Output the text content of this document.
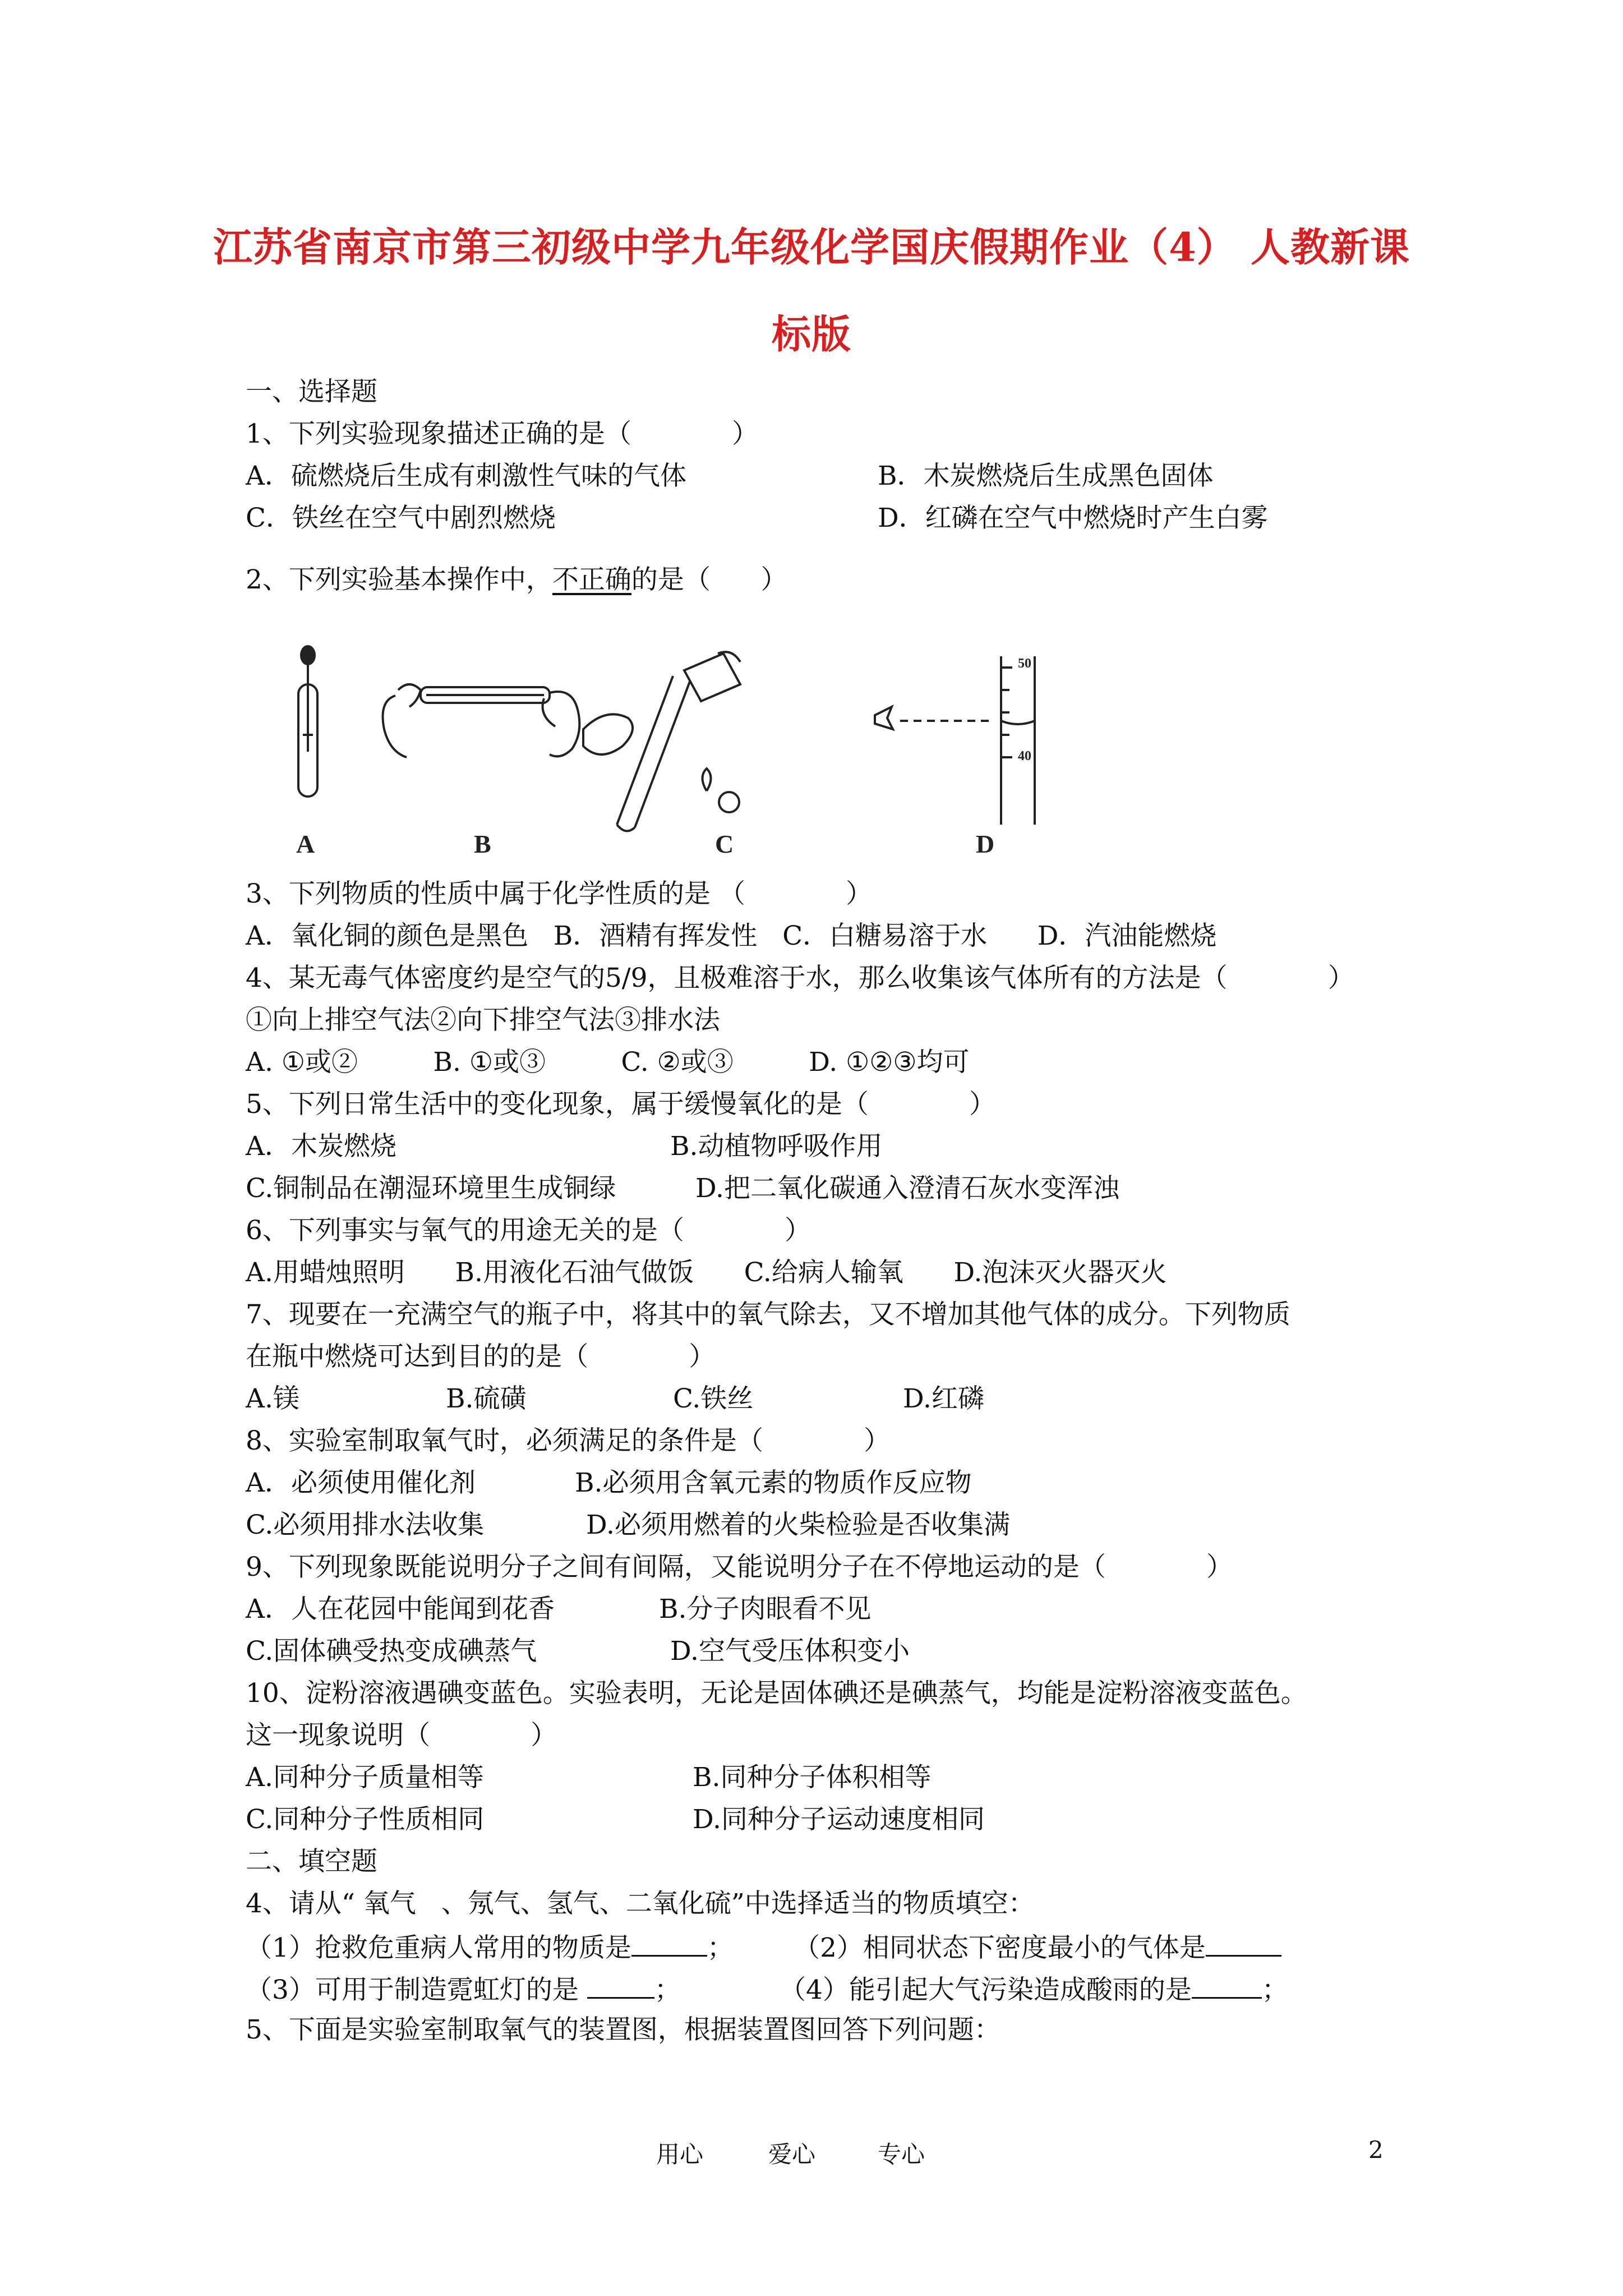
江苏省南京市第三初级中学九年级化学国庆假期作业（4） 人教新课
标版
一、选择题
1、下列实验现象描述正确的是（            ）
A．硫燃烧后生成有刺激性气味的气体	B．木炭燃烧后生成黑色固体
C．铁丝在空气中剧烈燃烧	D．红磷在空气中燃烧时产生白雾
2、下列实验基本操作中，不正确的是（      ）
50
40
A	B	C	D
3、下列物质的性质中属于化学性质的是 （            ）
A．氧化铜的颜色是黑色   B．酒精有挥发性   C．白糖易溶于水      D．汽油能燃烧
4、某无毒气体密度约是空气的5/9，且极难溶于水，那么收集该气体所有的方法是（            ）
①向上排空气法②向下排空气法③排水法
A. ①或②         B. ①或③         C. ②或③         D. ①②③均可
5、下列日常生活中的变化现象，属于缓慢氧化的是（            ）
A．木炭燃烧	B.动植物呼吸作用
C.铜制品在潮湿环境里生成铜绿	D.把二氧化碳通入澄清石灰水变浑浊
6、下列事实与氧气的用途无关的是（            ）
A.用蜡烛照明      B.用液化石油气做饭      C.给病人输氧      D.泡沫灭火器灭火
7、现要在一充满空气的瓶子中，将其中的氧气除去，又不增加其他气体的成分。下列物质
在瓶中燃烧可达到目的的是（            ）
A.镁	B.硫磺	C.铁丝	D.红磷
8、实验室制取氧气时，必须满足的条件是（            ）
A．必须使用催化剂	B.必须用含氧元素的物质作反应物
C.必须用排水法收集	D.必须用燃着的火柴检验是否收集满
9、下列现象既能说明分子之间有间隔，又能说明分子在不停地运动的是（            ）
A．人在花园中能闻到花香	B.分子肉眼看不见
C.固体碘受热变成碘蒸气	D.空气受压体积变小
10、淀粉溶液遇碘变蓝色。实验表明，无论是固体碘还是碘蒸气，均能是淀粉溶液变蓝色。
这一现象说明（            ）
A.同种分子质量相等	B.同种分子体积相等
C.同种分子性质相同	D.同种分子运动速度相同
二、填空题
4、请从“ 氧气   、氖气、氢气、二氧化硫”中选择适当的物质填空：
（1）抢救危重病人常用的物质是	； （2）相同状态下密度最小的气体是
（3）可用于制造霓虹灯的是	；	（4）能引起大气污染造成酸雨的是	；
5、下面是实验室制取氧气的装置图，根据装置图回答下列问题：
用心	爱心	专心	2
